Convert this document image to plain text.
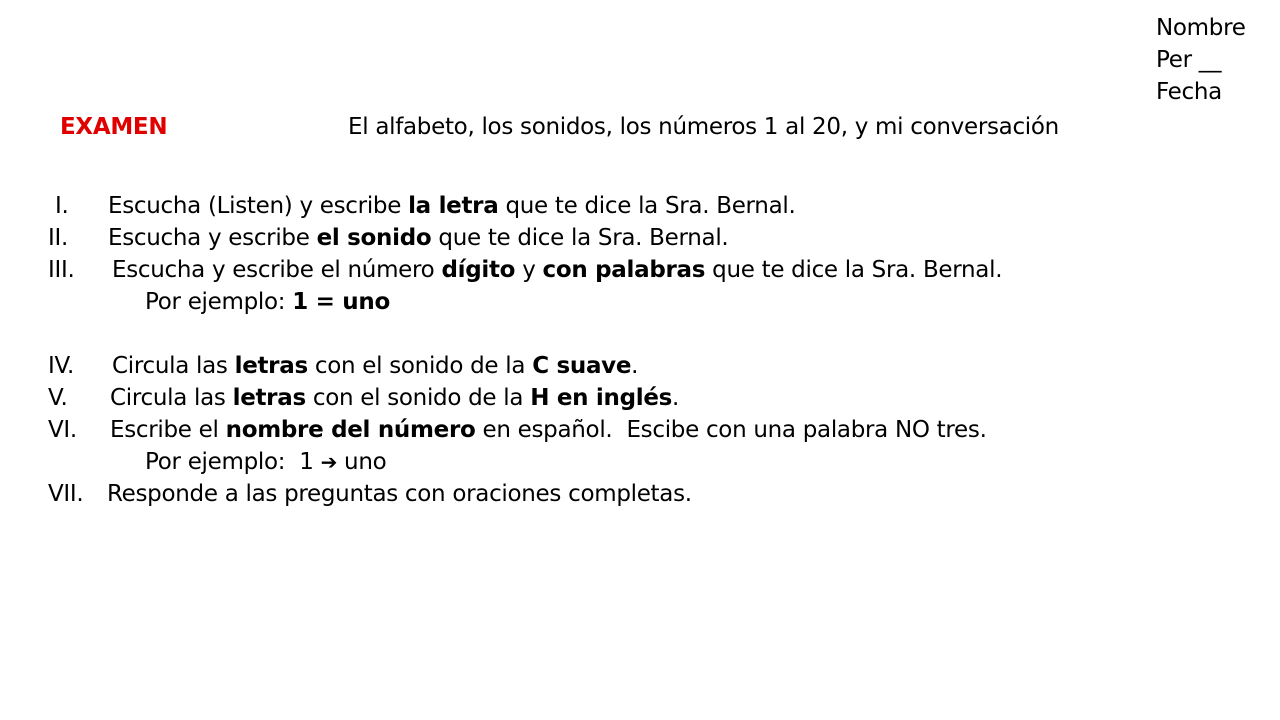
Nombre
Per __
Fecha
EXAMEN	El alfabeto, los sonidos, los números 1 al 20, y mi conversación
I. Escucha (Listen) y escribe la letra que te dice la Sra. Bernal.
II. Escucha y escribe el sonido que te dice la Sra. Bernal.
III. Escucha y escribe el número dígito y con palabras que te dice la Sra. Bernal.
Por ejemplo: 1 = uno
IV. Circula las letras con el sonido de la C suave.
V. Circula las letras con el sonido de la H en inglés.
VI. Escribe el nombre del número en español.  Escibe con una palabra NO tres.
Por ejemplo:  1 ➔ uno
VII. Responde a las preguntas con oraciones completas.
